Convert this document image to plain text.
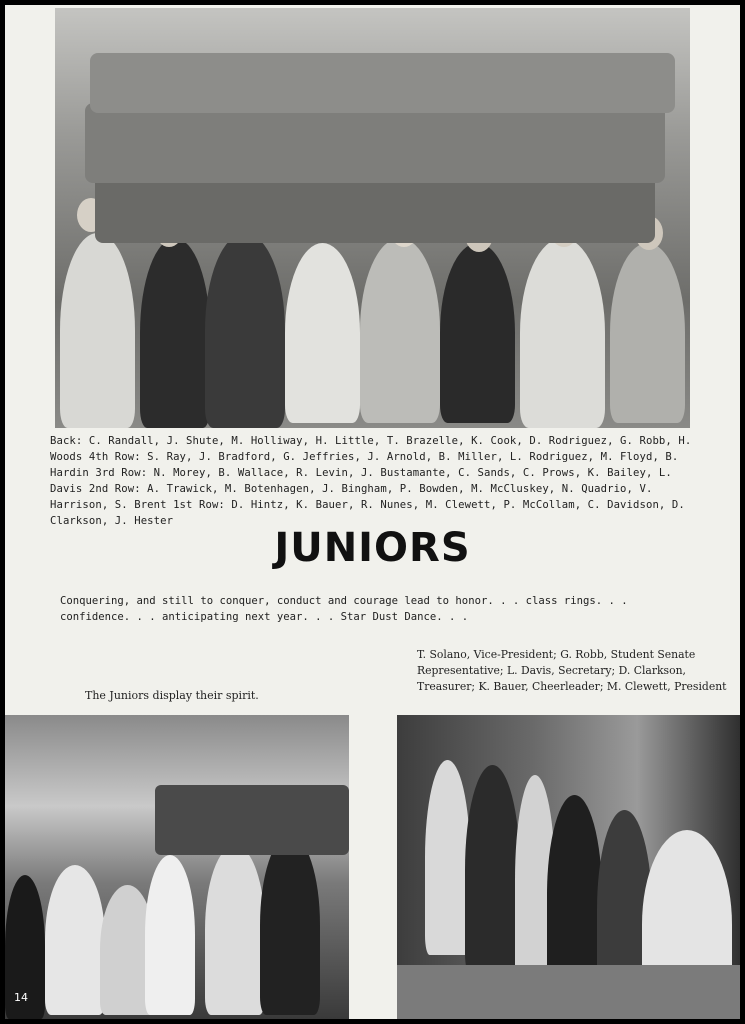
Back: C. Randall, J. Shute, M. Holliway, H. Little, T. Brazelle, K. Cook, D. Rodriguez, G. Robb, H. Woods 4th Row: S. Ray, J. Bradford, G. Jeffries, J. Arnold, B. Miller, L. Rodriguez, M. Floyd, B. Hardin 3rd Row: N. Morey, B. Wallace, R. Levin, J. Bustamante, C. Sands, C. Prows, K. Bailey, L. Davis 2nd Row: A. Trawick, M. Botenhagen, J. Bingham, P. Bowden, M. McCluskey, N. Quadrio, V. Harrison, S. Brent 1st Row: D. Hintz, K. Bauer, R. Nunes, M. Clewett, P. McCollam, C. Davidson, D. Clarkson, J. Hester
JUNIORS
Conquering, and still to conquer, conduct and courage lead to honor. . . class rings. . . confidence. . . anticipating next year. . . Star Dust Dance. . .
The Juniors display their spirit.
T. Solano, Vice-President; G. Robb, Student Senate Representative; L. Davis, Secretary; D. Clarkson, Treasurer; K. Bauer, Cheerleader; M. Clewett, President
14
